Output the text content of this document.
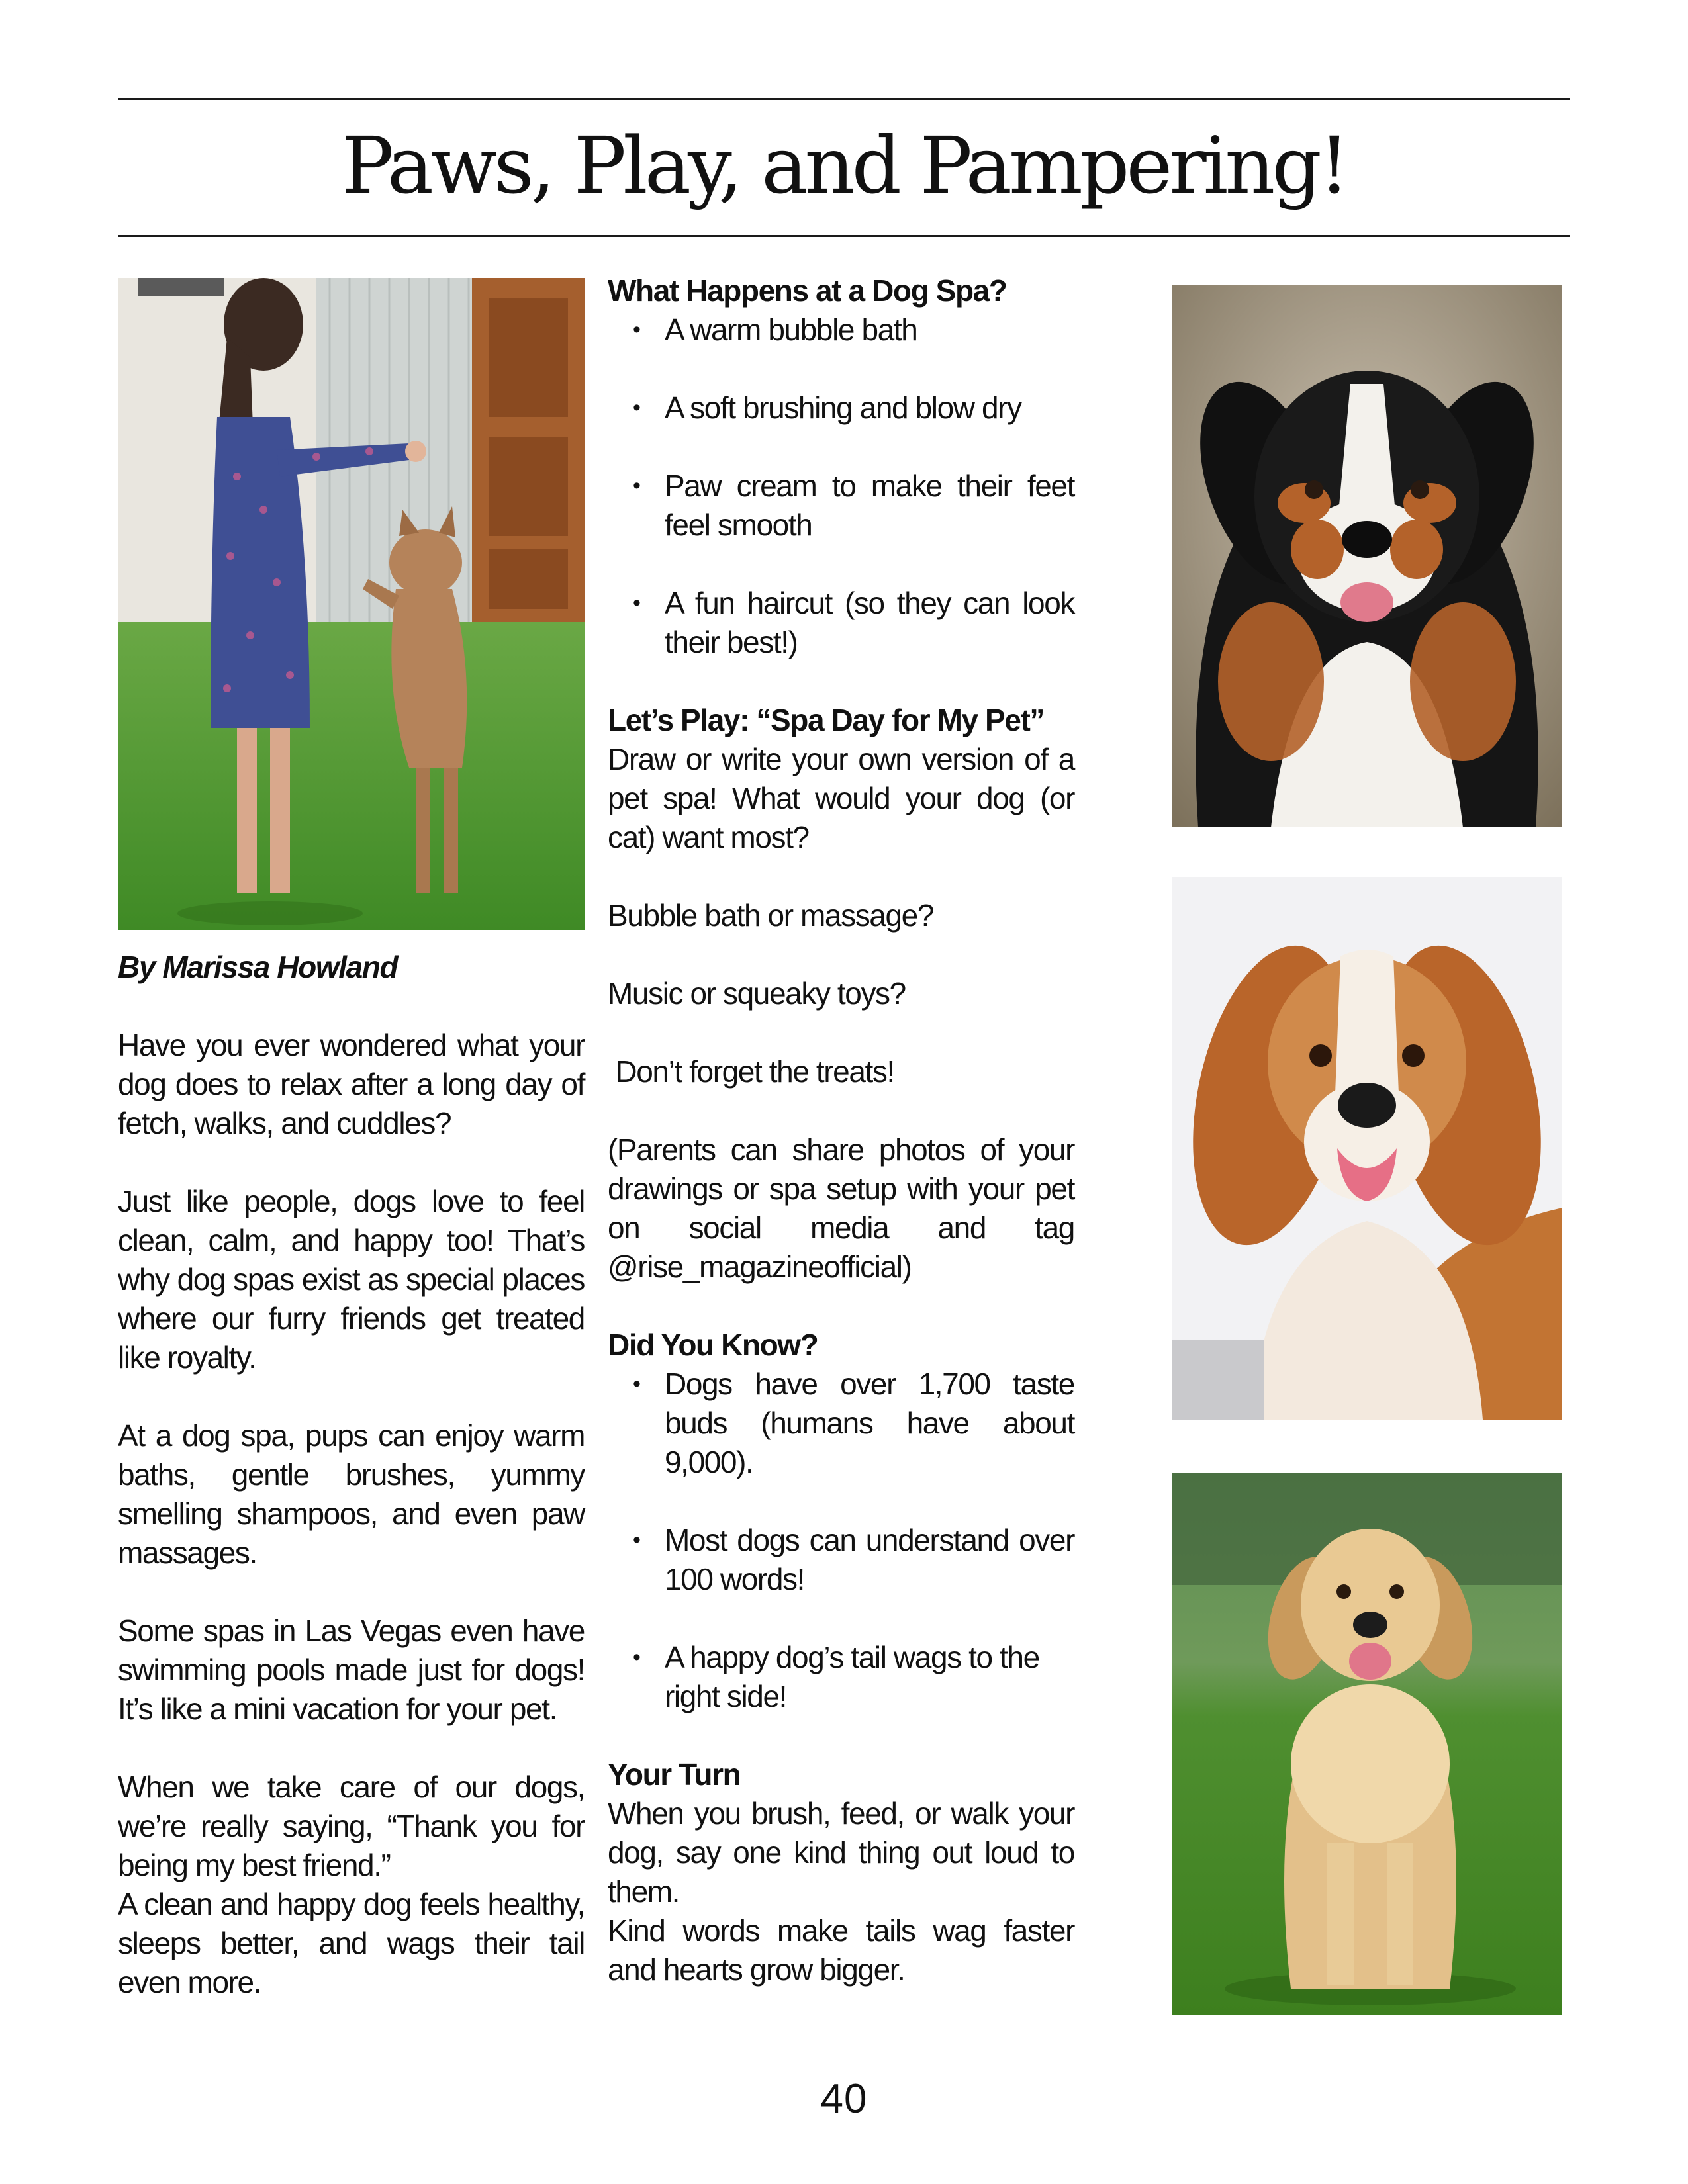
Paws, Play, and Pampering!

By Marissa Howland

Have you ever wondered what your dog does to relax after a long day of fetch, walks, and cuddles?

Just like people, dogs love to feel clean, calm, and happy too! That’s why dog spas exist as special places where our furry friends get treated like royalty.

At a dog spa, pups can enjoy warm baths, gentle brushes, yummy smelling shampoos, and even paw massages.

Some spas in Las Vegas even have swimming pools made just for dogs! It’s like a mini vacation for your pet.

When we take care of our dogs, we’re really saying, “Thank you for being my best friend.”

A clean and happy dog feels healthy, sleeps better, and wags their tail even more.

What Happens at a Dog Spa?

• A warm bubble bath
• A soft brushing and blow dry
• Paw cream to make their feet feel smooth
• A fun haircut (so they can look their best!)

Let’s Play: “Spa Day for My Pet”

Draw or write your own version of a pet spa! What would your dog (or cat) want most?

Bubble bath or massage?

Music or squeaky toys?

Don’t forget the treats!

(Parents can share photos of your drawings or spa setup with your pet on social media and tag @rise_magazineofficial)

Did You Know?

• Dogs have over 1,700 taste buds (humans have about 9,000).
• Most dogs can understand over 100 words!
• A happy dog’s tail wags to the right side!

Your Turn

When you brush, feed, or walk your dog, say one kind thing out loud to them.

Kind words make tails wag faster and hearts grow bigger.

40
